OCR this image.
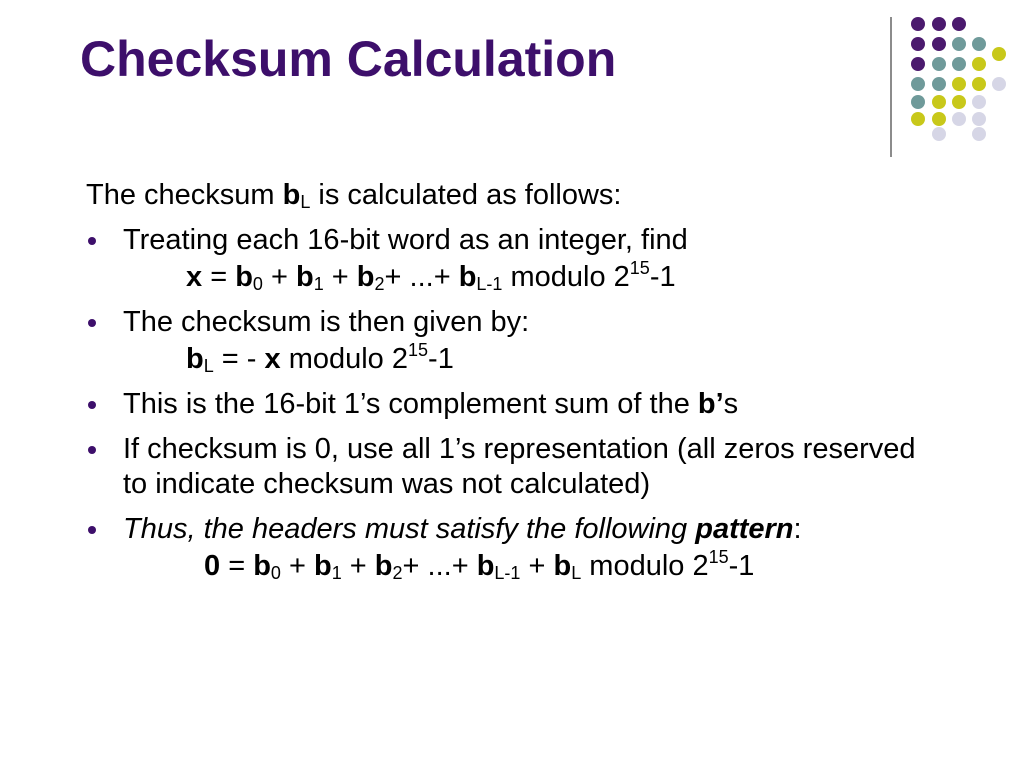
Checksum Calculation
The checksum $b_L$ is calculated as follows:
Treating each 16-bit word as an integer, find
$x = b_0 + b_1 + b_2+$ ...+ $b_{L-1}$ modulo $2^{15}-1$
The checksum is then given by:
$b_L$ = - x modulo $2^{15}-1$
This is the 16-bit 1’s complement sum of the b’s
If checksum is 0, use all 1’s representation (all zeros reserved to indicate checksum was not calculated)
Thus, the headers must satisfy the following pattern:
$0 = b_0 + b_1 + b_2+$ ...+ $b_{L-1} + b_L$ modulo $2^{15}-1$
